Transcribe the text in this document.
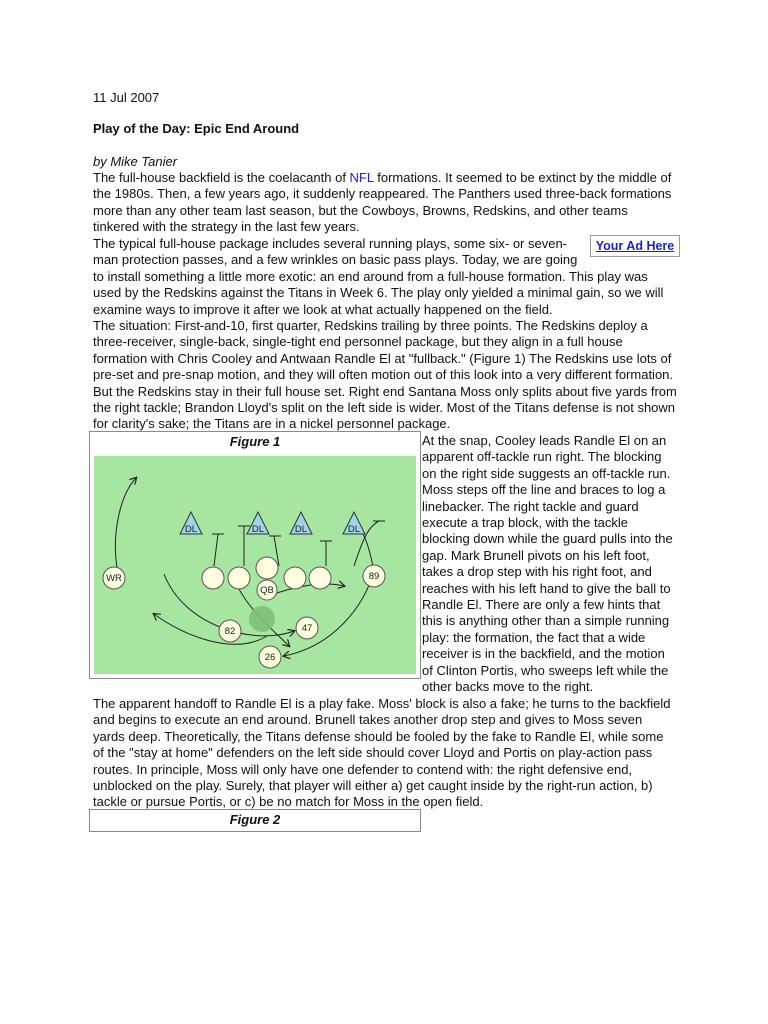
11 Jul 2007
Play of the Day: Epic End Around
by Mike Tanier

The full-house backfield is the coelacanth of NFL formations. It seemed to be extinct by the middle of the 1980s. Then, a few years ago, it suddenly reappeared. The Panthers used three-back formations more than any other team last season, but the Cowboys, Browns, Redskins, and other teams tinkered with the strategy in the last few years.

The typical full-house package includes several running plays, some six- or seven-man protection passes, and a few wrinkles on basic pass plays. Today, we are going to install something a little more exotic: an end around from a full-house formation. This play was used by the Redskins against the Titans in Week 6. The play only yielded a minimal gain, so we will examine ways to improve it after we look at what actually happened on the field.

The situation: First-and-10, first quarter, Redskins trailing by three points. The Redskins deploy a three-receiver, single-back, single-tight end personnel package, but they align in a full house formation with Chris Cooley and Antwaan Randle El at "fullback." (Figure 1) The Redskins use lots of pre-set and pre-snap motion, and they will often motion out of this look into a very different formation. But the Redskins stay in their full house set. Right end Santana Moss only splits about five yards from the right tackle; Brandon Lloyd's split on the left side is wider. Most of the Titans defense is not shown for clarity's sake; the Titans are in a nickel personnel package.

At the snap, Cooley leads Randle El on an apparent off-tackle run right. The blocking on the right side suggests an off-tackle run. Moss steps off the line and braces to log a linebacker. The right tackle and guard execute a trap block, with the tackle blocking down while the guard pulls into the gap. Mark Brunell pivots on his left foot, takes a drop step with his right foot, and reaches with his left hand to give the ball to Randle El. There are only a few hints that this is anything other than a simple running play: the formation, the fact that a wide receiver is in the backfield, and the motion of Clinton Portis, who sweeps left while the other backs move to the right.

The apparent handoff to Randle El is a play fake. Moss' block is also a fake; he turns to the backfield and begins to execute an end around. Brunell takes another drop step and gives to Moss seven yards deep. Theoretically, the Titans defense should be fooled by the fake to Randle El, while some of the "stay at home" defenders on the left side should cover Lloyd and Portis on play-action pass routes. In principle, Moss will only have one defender to contend with: the right defensive end, unblocked on the play. Surely, that player will either a) get caught inside by the right-run action, b) tackle or pursue Portis, or c) be no match for Moss in the open field.

Your Ad Here
Figure 1
DL	DL	DL	DL
WR
QB
82	47
26
89
Figure 2
